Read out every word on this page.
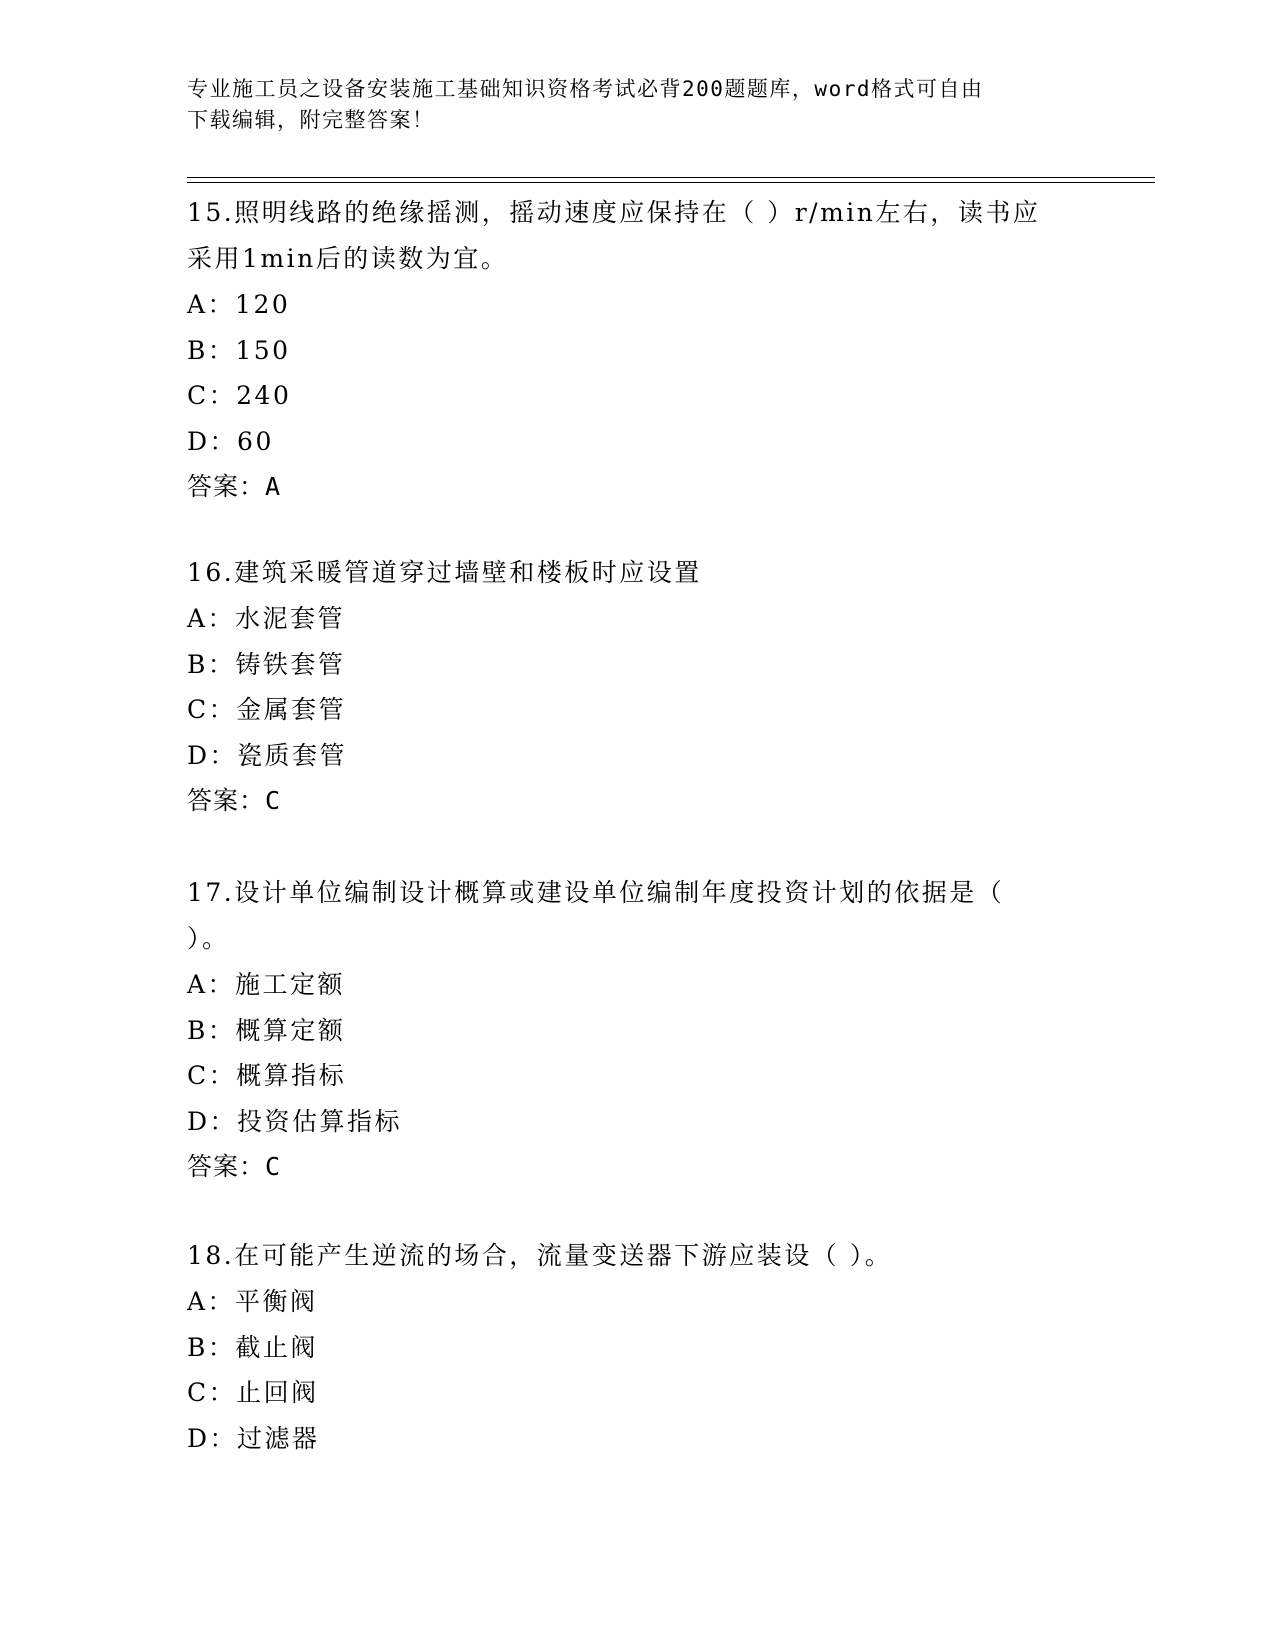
专业施工员之设备安装施工基础知识资格考试必背200题题库，word格式可自由
下载编辑，附完整答案！
15.照明线路的绝缘摇测，摇动速度应保持在（ ）r/min左右，读书应
采用1min后的读数为宜。
A：120
B：150
C：240
D：60
答案：A
16.建筑采暖管道穿过墙壁和楼板时应设置
A：水泥套管
B：铸铁套管
C：金属套管
D：瓷质套管
答案：C
17.设计单位编制设计概算或建设单位编制年度投资计划的依据是（
）。
A：施工定额
B：概算定额
C：概算指标
D：投资估算指标
答案：C
18.在可能产生逆流的场合，流量变送器下游应装设（ ）。
A：平衡阀
B：截止阀
C：止回阀
D：过滤器
